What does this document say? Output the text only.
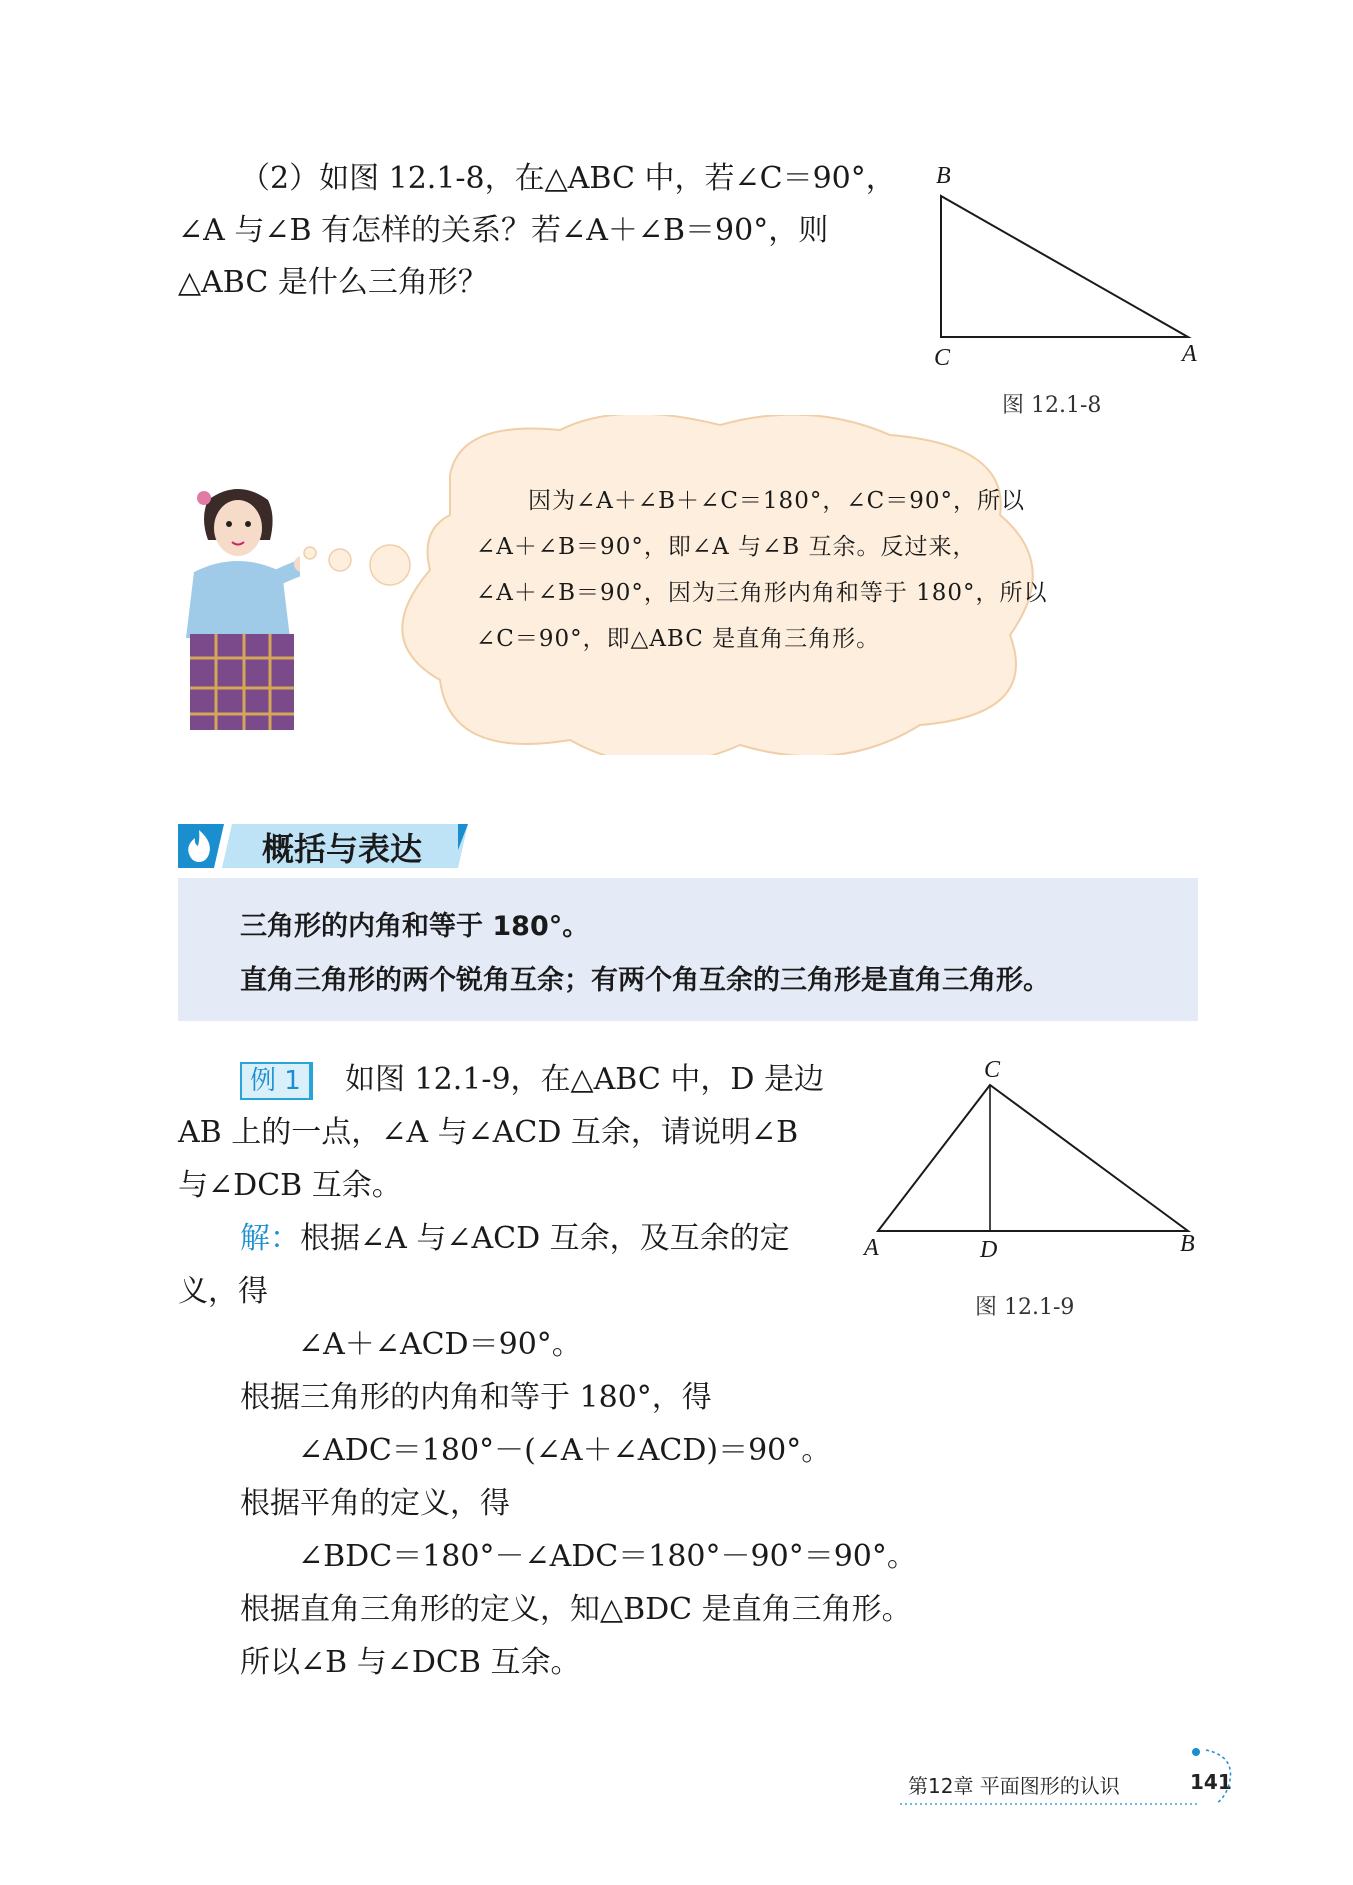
（2）如图 12.1-8，在△ABC 中，若∠C＝90°，
∠A 与∠B 有怎样的关系？若∠A＋∠B＝90°，则
△ABC 是什么三角形？
B
C	A
图 12.1-8
因为∠A＋∠B＋∠C＝180°，∠C＝90°，所以
∠A＋∠B＝90°，即∠A 与∠B 互余。反过来，
∠A＋∠B＝90°，因为三角形内角和等于 180°，所以
∠C＝90°，即△ABC 是直角三角形。
概括与表达
三角形的内角和等于 180°。
直角三角形的两个锐角互余；有两个角互余的三角形是直角三角形。
例 1	如图 12.1-9，在△ABC 中，D 是边
AB 上的一点，∠A 与∠ACD 互余，请说明∠B
与∠DCB 互余。
解：根据∠A 与∠ACD 互余，及互余的定
义，得
∠A＋∠ACD＝90°。
根据三角形的内角和等于 180°，得
∠ADC＝180°－(∠A＋∠ACD)＝90°。
根据平角的定义，得
∠BDC＝180°－∠ADC＝180°－90°＝90°。
根据直角三角形的定义，知△BDC 是直角三角形。
所以∠B 与∠DCB 互余。
C
A	D	B
图 12.1-9
第12章 平面图形的认识	141
